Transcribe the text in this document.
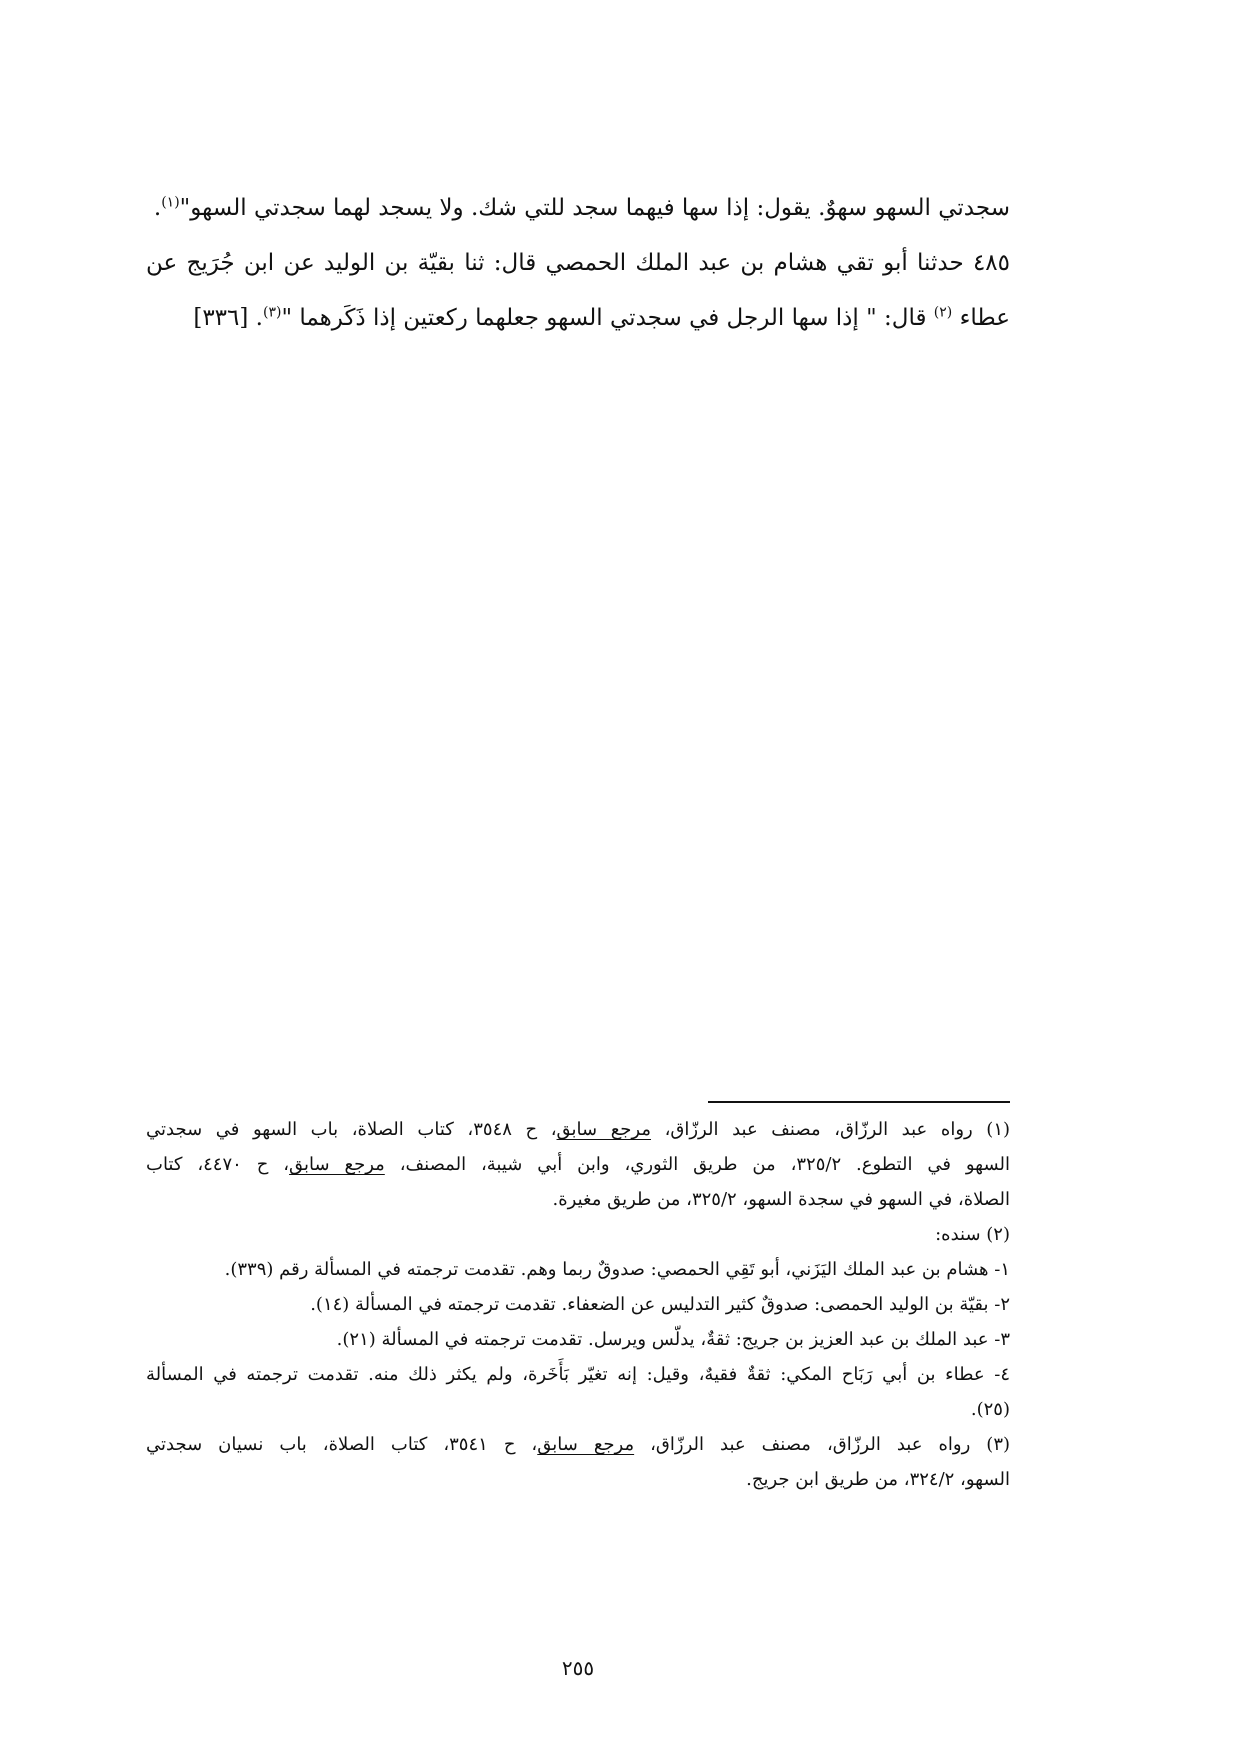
سجدتي السهو سهوٌ. يقول: إذا سها فيهما سجد للتي شك. ولا يسجد لهما سجدتي السهو"$^{(١)}$.
٤٨٥ حدثنا أبو تقي هشام بن عبد الملك الحمصي قال: ثنا بقيّة بن الوليد عن ابن جُرَيج عن
عطاء $^{(٢)}$ قال: " إذا سها الرجل في سجدتي السهو جعلهما ركعتين إذا ذَكَرهما "$^{(٣)}$. [٣٣٦]
(١) رواه عبد الرزّاق، مصنف عبد الرزّاق، مرجع سابق، ح ٣٥٤٨، كتاب الصلاة، باب السهو في سجدتي
السهو في التطوع. ٣٢٥/٢، من طريق الثوري، وابن أبي شيبة، المصنف، مرجع سابق، ح ٤٤٧٠، كتاب
الصلاة، في السهو في سجدة السهو، ٣٢٥/٢، من طريق مغيرة.
(٢) سنده:
١- هشام بن عبد الملك اليَزَني، أبو تَقِي الحمصي: صدوقٌ ربما وهم. تقدمت ترجمته في المسألة رقم (٣٣٩).
٢- بقيّة بن الوليد الحمصى: صدوقٌ كثير التدليس عن الضعفاء. تقدمت ترجمته في المسألة (١٤).
٣- عبد الملك بن عبد العزيز بن جريج: ثقةٌ، يدلّس ويرسل. تقدمت ترجمته في المسألة (٢١).
٤- عطاء بن أبي رَبَاح المكي: ثقةٌ فقيهٌ، وقيل: إنه تغيّر بَأَخَرة، ولم يكثر ذلك منه. تقدمت ترجمته في المسألة
(٢٥).
(٣) رواه عبد الرزّاق، مصنف عبد الرزّاق، مرجع سابق، ح ٣٥٤١، كتاب الصلاة، باب نسيان سجدتي
السهو، ٣٢٤/٢، من طريق ابن جريج.
٢٥٥
